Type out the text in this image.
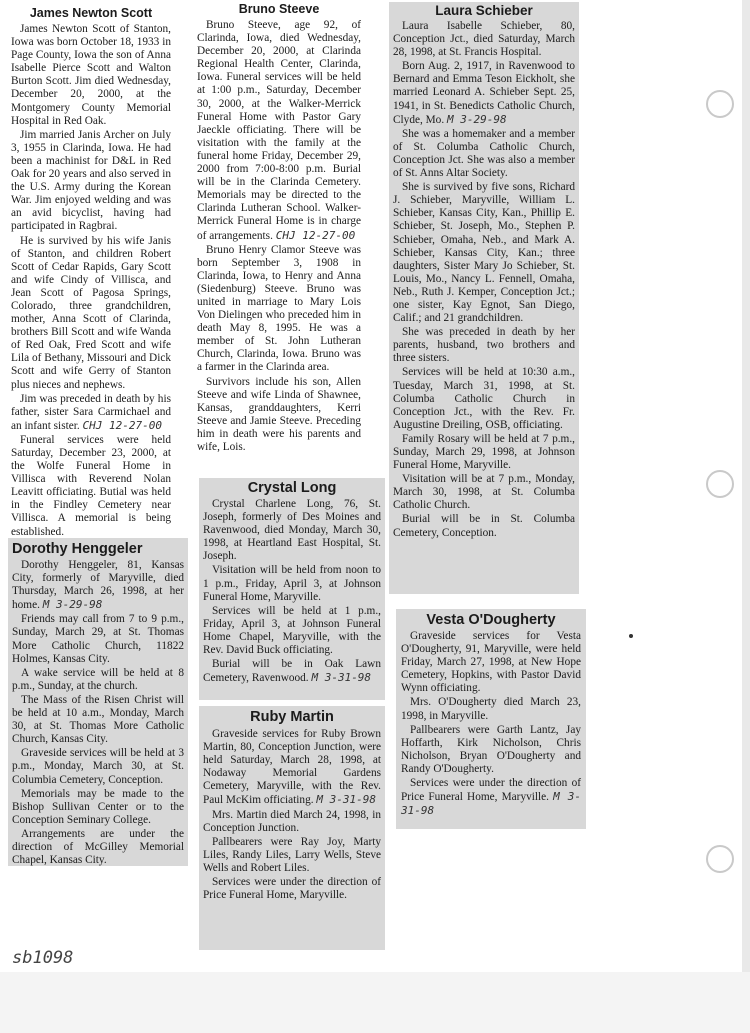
James Newton Scott

James Newton Scott of Stanton, Iowa was born October 18, 1933 in Page County, Iowa the son of Anna Isabelle Pierce Scott and Walton Burton Scott. Jim died Wednesday, December 20, 2000, at the Montgomery County Memorial Hospital in Red Oak.

Jim married Janis Archer on July 3, 1955 in Clarinda, Iowa. He had been a machinist for D&L in Red Oak for 20 years and also served in the U.S. Army during the Korean War. Jim enjoyed welding and was an avid bicyclist, having had participated in Ragbrai.

He is survived by his wife Janis of Stanton, and children Robert Scott of Cedar Rapids, Gary Scott and wife Cindy of Villisca, and Jean Scott of Pagosa Springs, Colorado, three grandchildren, mother, Anna Scott of Clarinda, brothers Bill Scott and wife Wanda of Red Oak, Fred Scott and wife Lila of Bethany, Missouri and Dick Scott and wife Gerry of Stanton plus nieces and nephews.

Jim was preceded in death by his father, sister Sara Carmichael and an infant sister. CHJ 12-27-00

Funeral services were held Saturday, December 23, 2000, at the Wolfe Funeral Home in Villisca with Reverend Nolan Leavitt officiating. Butial was held in the Findley Cemetery near Villisca. A memorial is being established.

Bruno Steeve

Bruno Steeve, age 92, of Clarinda, Iowa, died Wednesday, December 20, 2000, at Clarinda Regional Health Center, Clarinda, Iowa. Funeral services will be held at 1:00 p.m., Saturday, December 30, 2000, at the Walker-Merrick Funeral Home with Pastor Gary Jaeckle officiating. There will be visitation with the family at the funeral home Friday, December 29, 2000 from 7:00-8:00 p.m. Burial will be in the Clarinda Cemetery. Memorials may be directed to the Clarinda Lutheran School. Walker-Merrick Funeral Home is in charge of arrangements. CHJ 12-27-00

Bruno Henry Clamor Steeve was born September 3, 1908 in Clarinda, Iowa, to Henry and Anna (Siedenburg) Steeve. Bruno was united in marriage to Mary Lois Von Dielingen who preceded him in death May 8, 1995. He was a member of St. John Lutheran Church, Clarinda, Iowa. Bruno was a farmer in the Clarinda area.

Survivors include his son, Allen Steeve and wife Linda of Shawnee, Kansas, granddaughters, Kerri Steeve and Jamie Steeve. Preceding him in death were his parents and wife, Lois.

Laura Schieber

Laura Isabelle Schieber, 80, Conception Jct., died Saturday, March 28, 1998, at St. Francis Hospital.

Born Aug. 2, 1917, in Ravenwood to Bernard and Emma Teson Eickholt, she married Leonard A. Schieber Sept. 25, 1941, in St. Benedicts Catholic Church, Clyde, Mo. M 3-29-98

She was a homemaker and a member of St. Columba Catholic Church, Conception Jct. She was also a member of St. Anns Altar Society.

She is survived by five sons, Richard J. Schieber, Maryville, William L. Schieber, Kansas City, Kan., Phillip E. Schieber, St. Joseph, Mo., Stephen P. Schieber, Omaha, Neb., and Mark A. Schieber, Kansas City, Kan.; three daughters, Sister Mary Jo Schieber, St. Louis, Mo., Nancy L. Fennell, Omaha, Neb., Ruth J. Kemper, Conception Jct.; one sister, Kay Egnot, San Diego, Calif.; and 21 grandchildren.

She was preceded in death by her parents, husband, two brothers and three sisters.

Services will be held at 10:30 a.m., Tuesday, March 31, 1998, at St. Columba Catholic Church in Conception Jct., with the Rev. Fr. Augustine Dreiling, OSB, officiating.

Family Rosary will be held at 7 p.m., Sunday, March 29, 1998, at Johnson Funeral Home, Maryville.

Visitation will be at 7 p.m., Monday, March 30, 1998, at St. Columba Catholic Church.

Burial will be in St. Columba Cemetery, Conception.

Dorothy Henggeler

Dorothy Henggeler, 81, Kansas City, formerly of Maryville, died Thursday, March 26, 1998, at her home. M 3-29-98

Friends may call from 7 to 9 p.m., Sunday, March 29, at St. Thomas More Catholic Church, 11822 Holmes, Kansas City.

A wake service will be held at 8 p.m., Sunday, at the church.

The Mass of the Risen Christ will be held at 10 a.m., Monday, March 30, at St. Thomas More Catholic Church, Kansas City.

Graveside services will be held at 3 p.m., Monday, March 30, at St. Columbia Cemetery, Conception.

Memorials may be made to the Bishop Sullivan Center or to the Conception Seminary College.

Arrangements are under the direction of McGilley Memorial Chapel, Kansas City.

Crystal Long

Crystal Charlene Long, 76, St. Joseph, formerly of Des Moines and Ravenwood, died Monday, March 30, 1998, at Heartland East Hospital, St. Joseph.

Visitation will be held from noon to 1 p.m., Friday, April 3, at Johnson Funeral Home, Maryville.

Services will be held at 1 p.m., Friday, April 3, at Johnson Funeral Home Chapel, Maryville, with the Rev. David Buck officiating.

Burial will be in Oak Lawn Cemetery, Ravenwood. M 3-31-98

Ruby Martin

Graveside services for Ruby Brown Martin, 80, Conception Junction, were held Saturday, March 28, 1998, at Nodaway Memorial Gardens Cemetery, Maryville, with the Rev. Paul McKim officiating. M 3-31-98

Mrs. Martin died March 24, 1998, in Conception Junction.

Pallbearers were Ray Joy, Marty Liles, Randy Liles, Larry Wells, Steve Wells and Robert Liles.

Services were under the direction of Price Funeral Home, Maryville.

Vesta O'Dougherty

Graveside services for Vesta O'Dougherty, 91, Maryville, were held Friday, March 27, 1998, at New Hope Cemetery, Hopkins, with Pastor David Wynn officiating.

Mrs. O'Dougherty died March 23, 1998, in Maryville.

Pallbearers were Garth Lantz, Jay Hoffarth, Kirk Nicholson, Chris Nicholson, Bryan O'Dougherty and Randy O'Dougherty.

Services were under the direction of Price Funeral Home, Maryville. M 3-31-98

sb1098
